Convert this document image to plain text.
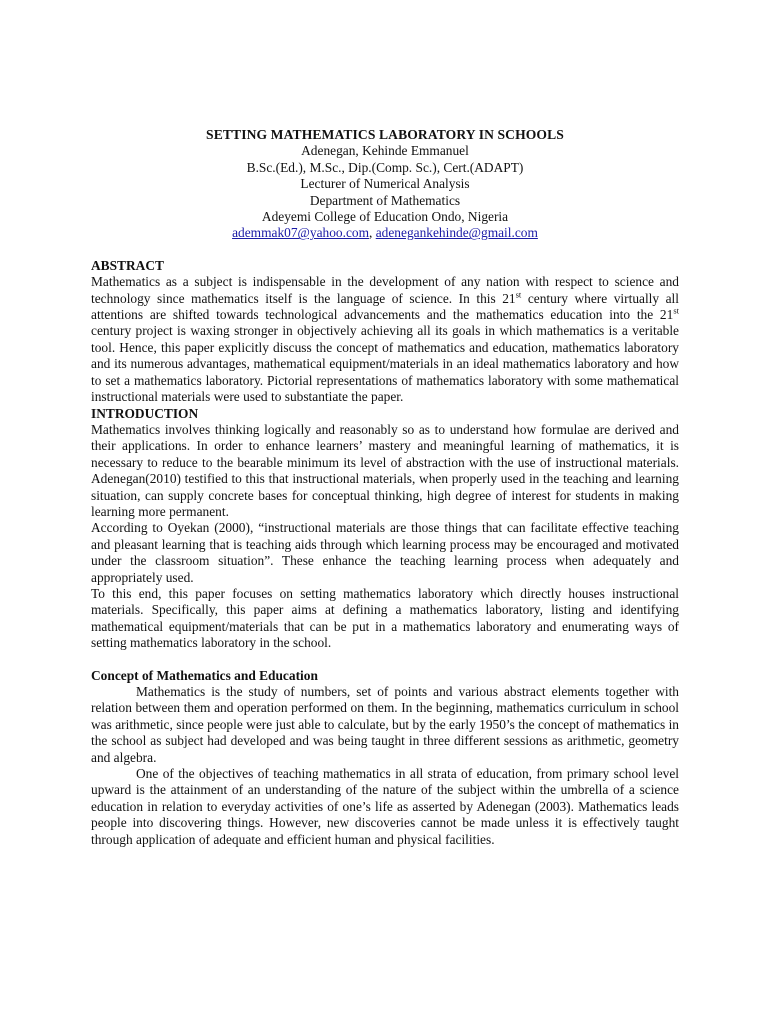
SETTING MATHEMATICS LABORATORY IN SCHOOLS
Adenegan, Kehinde Emmanuel
B.Sc.(Ed.), M.Sc., Dip.(Comp. Sc.), Cert.(ADAPT)
Lecturer of Numerical Analysis
Department of Mathematics
Adeyemi College of Education Ondo, Nigeria
ademmak07@yahoo.com, adenegankehinde@gmail.com
ABSTRACT

Mathematics as a subject is indispensable in the development of any nation with respect to science and technology since mathematics itself is the language of science. In this 21st century where virtually all attentions are shifted towards technological advancements and the mathematics education into the 21st century project is waxing stronger in objectively achieving all its goals in which mathematics is a veritable tool. Hence, this paper explicitly discuss the concept of mathematics and education, mathematics laboratory and its numerous advantages, mathematical equipment/materials in an ideal mathematics laboratory and how to set a mathematics laboratory. Pictorial representations of mathematics laboratory with some mathematical instructional materials were used to substantiate the paper.

INTRODUCTION

Mathematics involves thinking logically and reasonably so as to understand how formulae are derived and their applications. In order to enhance learners’ mastery and meaningful learning of mathematics, it is necessary to reduce to the bearable minimum its level of abstraction with the use of instructional materials. Adenegan(2010) testified to this that instructional materials, when properly used in the teaching and learning situation, can supply concrete bases for conceptual thinking, high degree of interest for students in making learning more permanent.

According to Oyekan (2000), “instructional materials are those things that can facilitate effective teaching and pleasant learning that is teaching aids through which learning process may be encouraged and motivated under the classroom situation”. These enhance the teaching learning process when adequately and appropriately used.

To this end, this paper focuses on setting mathematics laboratory which directly houses instructional materials. Specifically, this paper aims at defining a mathematics laboratory, listing and identifying mathematical equipment/materials that can be put in a mathematics laboratory and enumerating ways of setting mathematics laboratory in the school.

Concept of Mathematics and Education

Mathematics is the study of numbers, set of points and various abstract elements together with relation between them and operation performed on them. In the beginning, mathematics curriculum in school was arithmetic, since people were just able to calculate, but by the early 1950’s the concept of mathematics in the school as subject had developed and was being taught in three different sessions as arithmetic, geometry and algebra.

One of the objectives of teaching mathematics in all strata of education, from primary school level upward is the attainment of an understanding of the nature of the subject within the umbrella of a science education in relation to everyday activities of one’s life as asserted by Adenegan (2003). Mathematics leads people into discovering things. However, new discoveries cannot be made unless it is effectively taught through application of adequate and efficient human and physical facilities.
